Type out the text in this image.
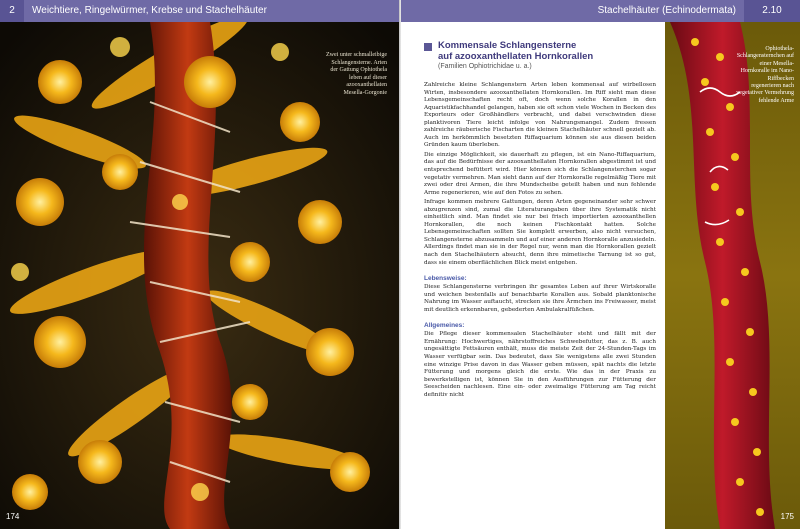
2	Weichtiere, Ringelwürmer, Krebse und Stachelhäuter
Zwei unter schmalleibige Schlangensterne. Arten der Gattung Ophiothela leben auf dieser azooxanthellaten Mesella-Gorgonie
174
Stachelhäuter (Echinodermata)	2.10
Kommensale Schlangensterne
auf azooxanthellaten Hornkorallen
(Familien Ophiotrichidae u. a.)

Zahlreiche kleine Schlangenstern Arten leben kommensal auf wirbellosen Wirten, insbesondere azooxanthellaten Hornkorallen. Im Riff sieht man diese Lebensgemeinschaften recht oft, doch wenn solche Korallen in den Aquaristikfachhandel gelangen, haben sie oft schon viele Wochen in Becken des Exporteurs oder Großhändlers verbracht, und dabei verschwinden diese planktivoren Tiere leicht infolge von Nahrungsmangel. Zudem fressen zahlreiche räuberische Fischarten die kleinen Stachelhäuter schnell gezielt ab. Auch im herkömmlich besetzten Riffaquarium können sie aus diesen beiden Gründen kaum überleben.

Die einzige Möglichkeit, sie dauerhaft zu pflegen, ist ein Nano-Riffaquarium, das auf die Bedürfnisse der azooxanthellaten Hornkorallen abgestimmt ist und entsprechend befüttert wird. Hier können sich die Schlangensterchen sogar vegetativ vermehren. Man sieht dann auf der Hornkoralle regelmäßig Tiere mit zwei oder drei Armen, die ihre Mundscheibe geteilt haben und nun fehlende Arme regenerieren, wie auf den Fotos zu sehen.

Infrage kommen mehrere Gattungen, deren Arten gegeneinander sehr schwer abzugrenzen sind, zumal die Literaturangaben über ihre Systematik nicht einheitlich sind. Man findet sie nur bei frisch importierten azooxanthellen Hornkorallen, die noch keinen Fischkontakt hatten. Solche Lebensgemeinschaften sollten Sie komplett erwerben, also nicht versuchen, Schlangensterne abzusammeln und auf einer anderen Hornkoralle anzusiedeln. Allerdings findet man sie in der Regel nur, wenn man die Hornkorallen gezielt nach den Stachelhäutern absucht, denn ihre mimetische Tarnung ist so gut, dass sie einem oberflächlichen Blick meist entgehen.

Lebensweise:

Diese Schlangensterne verbringen ihr gesamtes Leben auf ihrer Wirtskoralle und weichen bestenfalls auf benachbarte Korallen aus. Sobald planktonische Nahrung im Wasser auftaucht, strecken sie ihre Ärmchen ins Freiwasser, meist mit deutlich erkennbaren, gebederten Ambulakralfüßchen.

Allgemeines:

Die Pflege dieser kommensalen Stachelhäuter steht und fällt mit der Ernährung: Hochwertiges, nährstoffreiches Schwebefutter, das z. B. auch ungesättigte Fettsäuren enthält, muss die meiste Zeit der 24-Stunden-Tags im Wasser verfügbar sein. Das bedeutet, dass Sie wenigstens alle zwei Stunden eine winzige Prise davon in das Wasser geben müssen, spät nachts die letzte Fütterung und morgens gleich die erste. Wie das in der Praxis zu bewerkstelligen ist, können Sie in den Ausführungen zur Fütterung der Seescheiden nachlesen. Eine ein- oder zweimalige Fütterung am Tag reicht definitiv nicht

Ophiothela-Schlangensternchen auf einer Mesella-Hornkoralle im Nano-Riffbecken regenerieren nach vegetativer Vermehrung fehlende Arme
175
